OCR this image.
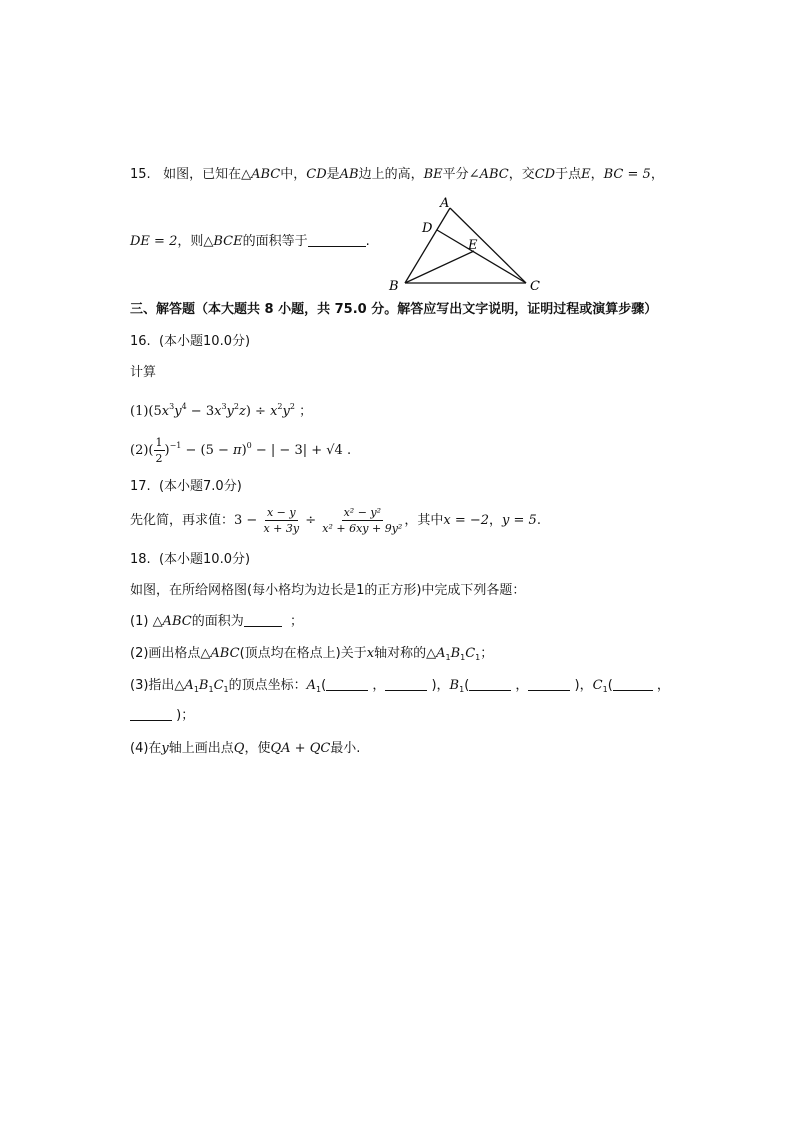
15. 如图，已知在△ABC中，CD是AB边上的高，BE平分∠ABC，交CD于点E，BC = 5，
DE = 2，则△BCE的面积等于	.
A
B	C
D
E
三、解答题（本大题共 8 小题，共 75.0 分。解答应写出文字说明，证明过程或演算步骤）
16. (本小题10.0分)
计算
$(1)(5x^3y^4 - 3x^3y^2z) \div x^2y^2$ ；
$(2)( \frac{1}{2} )^{-1} - (5 - \pi)^0$ − | − 3| + √4 .
17. (本小题7.0分)
先化简，再求值：$3 - \frac{x - y}{x + 3y} \div \frac{\text{x² − y²}}{\text{x² + 6xy + 9y²}}$ ，其中x = −2，y = 5.
18. (本小题10.0分)
如图，在所给网格图(每小格均为边长是1的正方形)中完成下列各题：
(1) △ABC的面积为	；
(2)画出格点△ABC(顶点均在格点上)关于x轴对称的$\triangle A_1B_1C_1$；
(3)指出$\triangle A_1B_1C_1$的顶点坐标：$A_1$(	，	)，$B_1$(	，	)，$C_1$(	，
)；
(4)在y轴上画出点Q，使QA + QC最小.
